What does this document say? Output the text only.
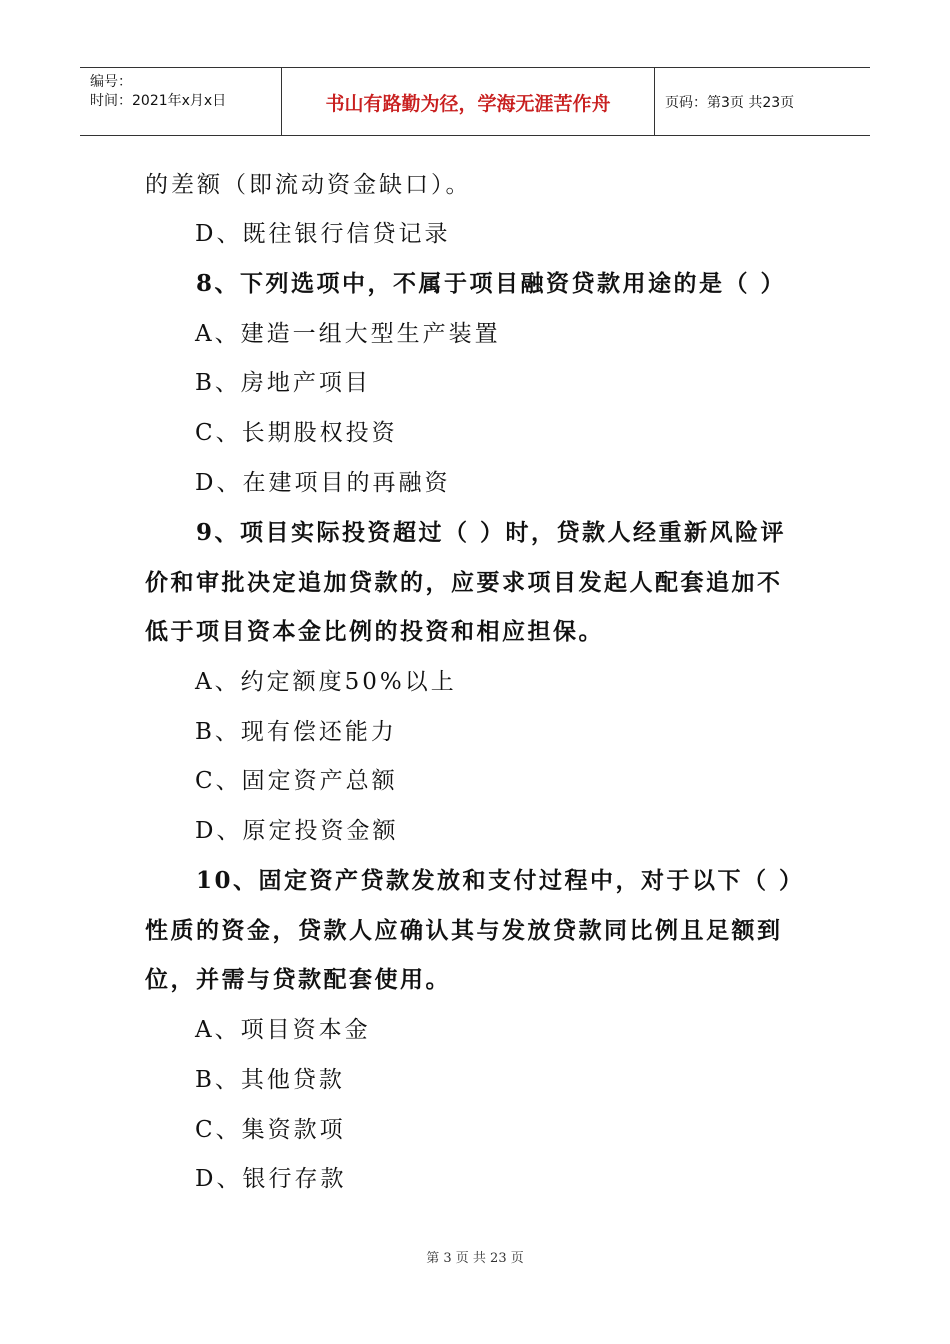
编号：
时间：2021年x月x日	书山有路勤为径，学海无涯苦作舟	页码：第3页 共23页
的差额（即流动资金缺口）。
D、既往银行信贷记录
8、下列选项中，不属于项目融资贷款用途的是（ ）
A、建造一组大型生产装置
B、房地产项目
C、长期股权投资
D、在建项目的再融资
9、项目实际投资超过（ ）时，贷款人经重新风险评
价和审批决定追加贷款的，应要求项目发起人配套追加不
低于项目资本金比例的投资和相应担保。
A、约定额度50%以上
B、现有偿还能力
C、固定资产总额
D、原定投资金额
10、固定资产贷款发放和支付过程中，对于以下（ ）
性质的资金，贷款人应确认其与发放贷款同比例且足额到
位，并需与贷款配套使用。
A、项目资本金
B、其他贷款
C、集资款项
D、银行存款
第 3 页 共 23 页
